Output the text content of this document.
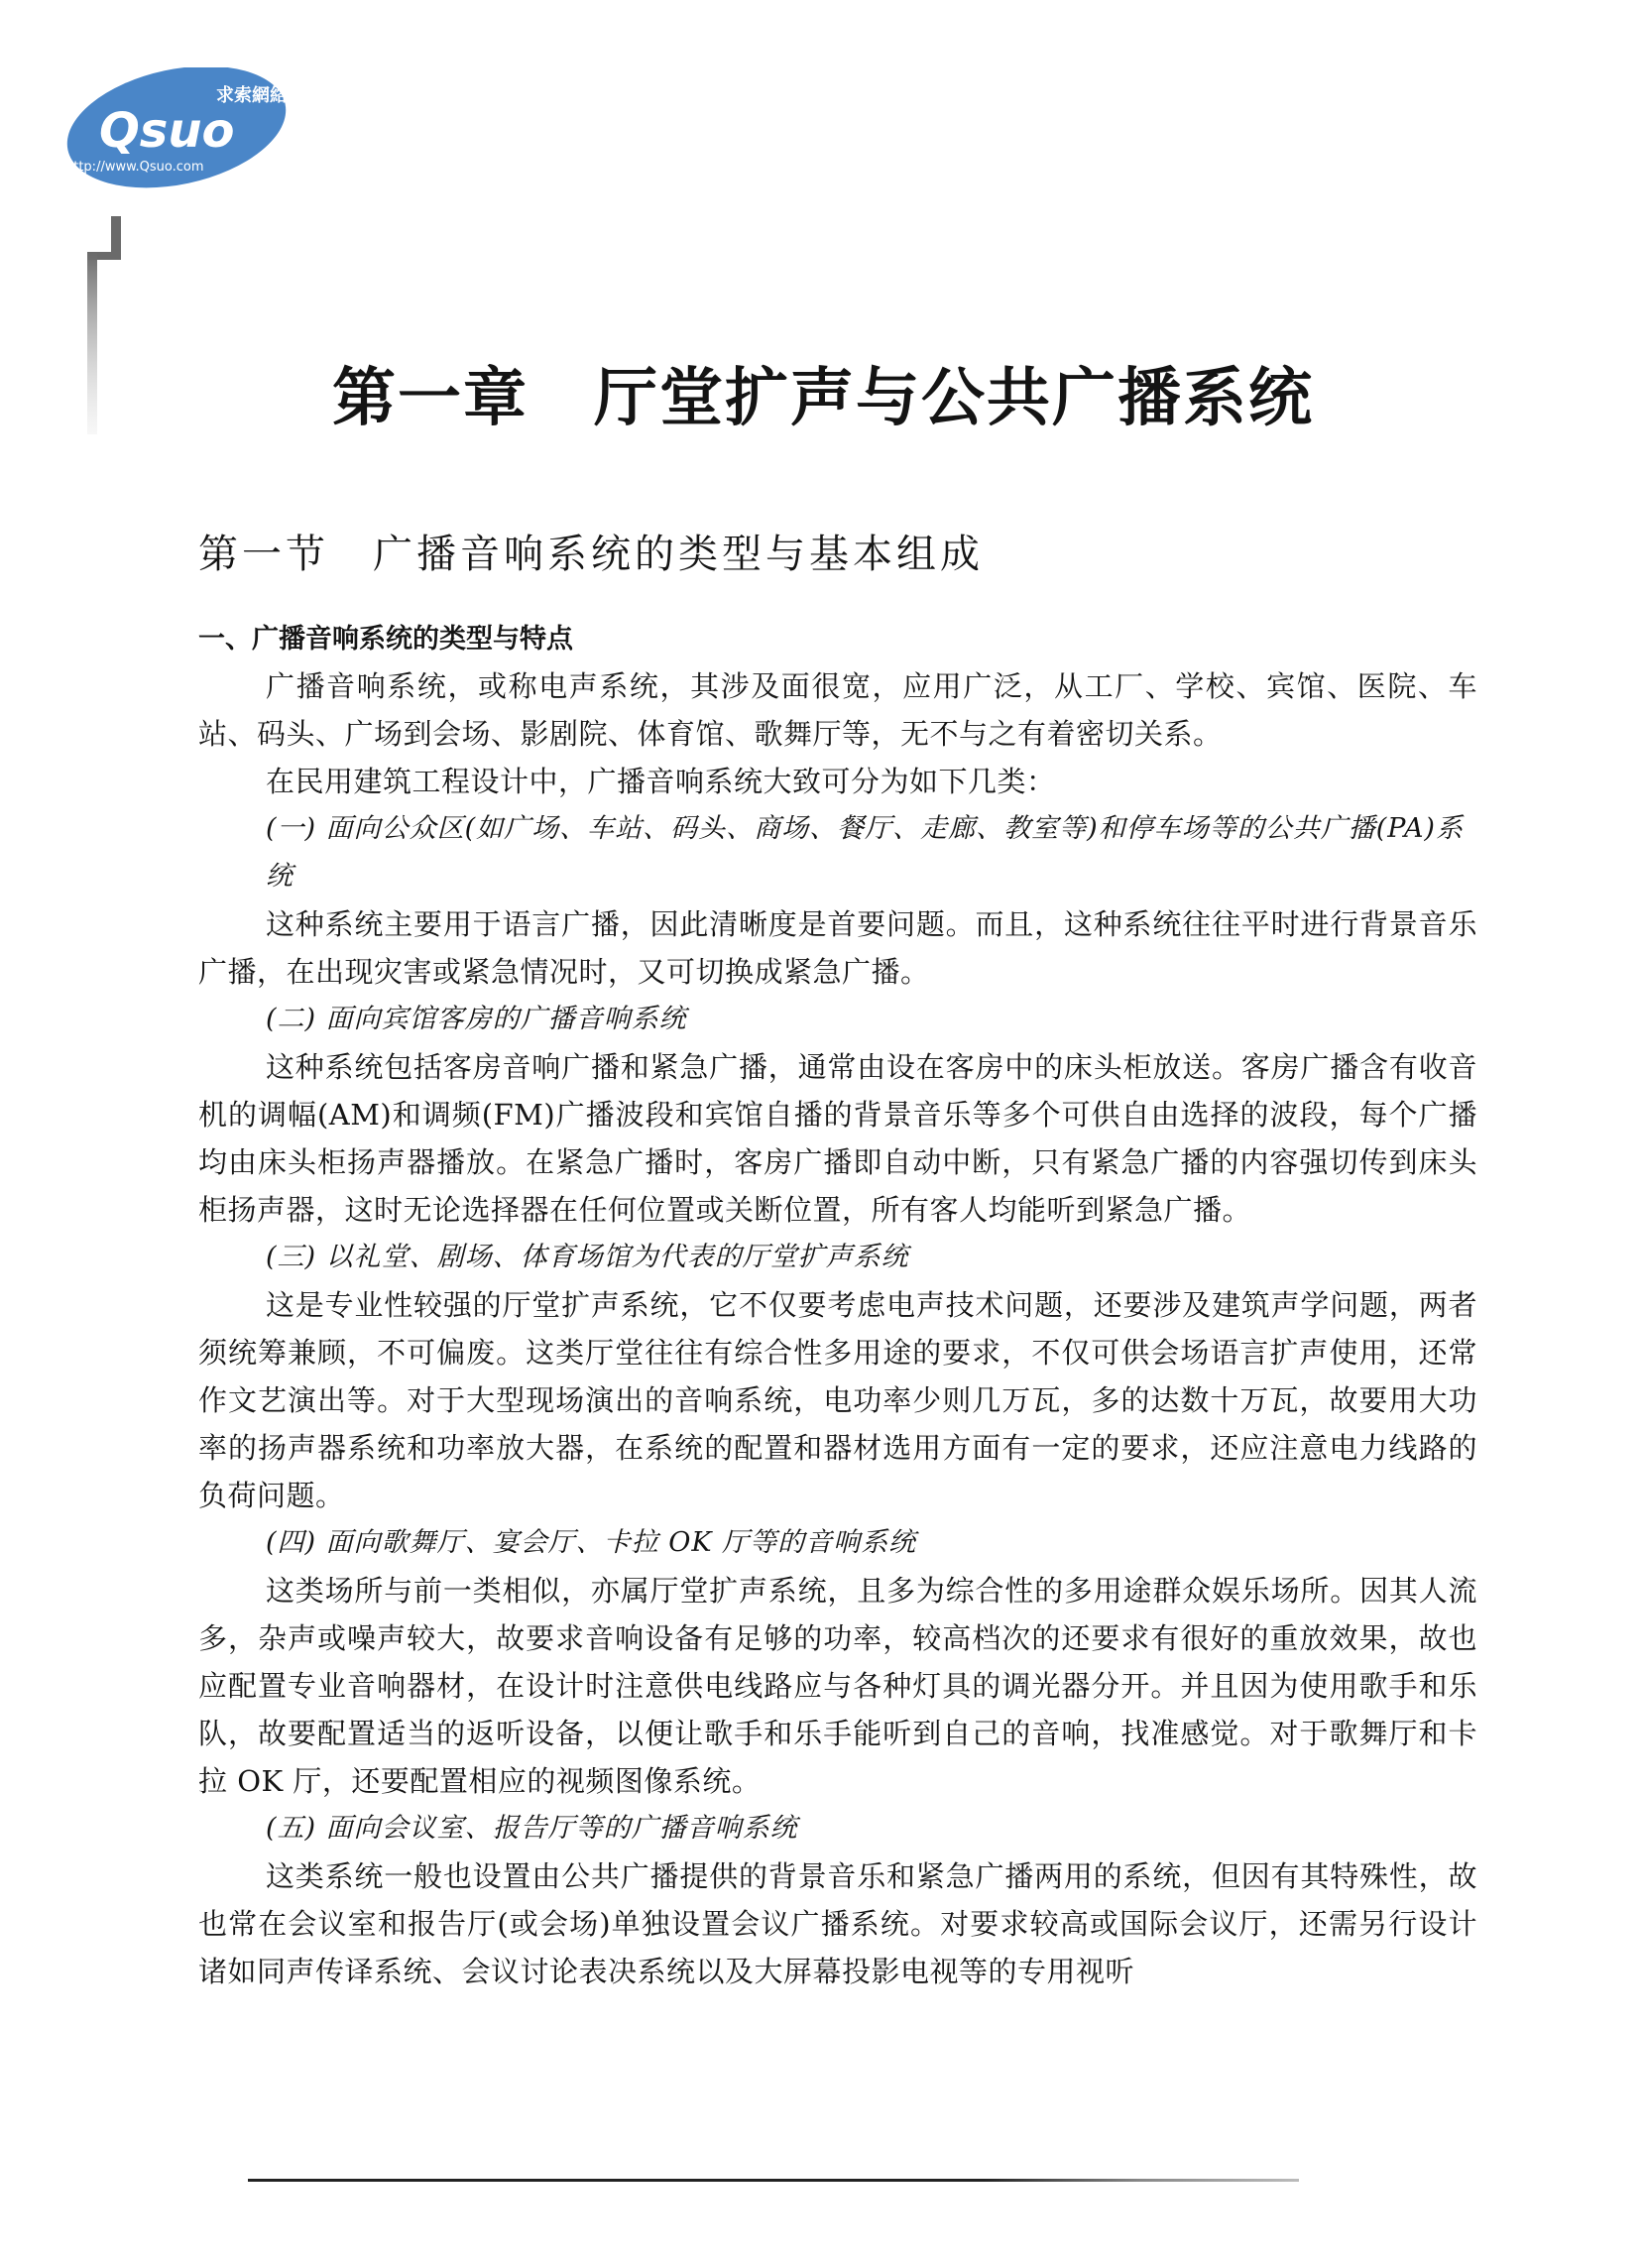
求索網絡
Qsuo
http://www.Qsuo.com
第一章　厅堂扩声与公共广播系统
第一节　广播音响系统的类型与基本组成
一、广播音响系统的类型与特点
广播音响系统，或称电声系统，其涉及面很宽，应用广泛，从工厂、学校、宾馆、医院、车站、码头、广场到会场、影剧院、体育馆、歌舞厅等，无不与之有着密切关系。
在民用建筑工程设计中，广播音响系统大致可分为如下几类：
(一) 面向公众区(如广场、车站、码头、商场、餐厅、走廊、教室等)和停车场等的公共广播(PA)系统
这种系统主要用于语言广播，因此清晰度是首要问题。而且，这种系统往往平时进行背景音乐广播，在出现灾害或紧急情况时，又可切换成紧急广播。
(二) 面向宾馆客房的广播音响系统
这种系统包括客房音响广播和紧急广播，通常由设在客房中的床头柜放送。客房广播含有收音机的调幅(AM)和调频(FM)广播波段和宾馆自播的背景音乐等多个可供自由选择的波段，每个广播均由床头柜扬声器播放。在紧急广播时，客房广播即自动中断，只有紧急广播的内容强切传到床头柜扬声器，这时无论选择器在任何位置或关断位置，所有客人均能听到紧急广播。
(三) 以礼堂、剧场、体育场馆为代表的厅堂扩声系统
这是专业性较强的厅堂扩声系统，它不仅要考虑电声技术问题，还要涉及建筑声学问题，两者须统筹兼顾，不可偏废。这类厅堂往往有综合性多用途的要求，不仅可供会场语言扩声使用，还常作文艺演出等。对于大型现场演出的音响系统，电功率少则几万瓦，多的达数十万瓦，故要用大功率的扬声器系统和功率放大器，在系统的配置和器材选用方面有一定的要求，还应注意电力线路的负荷问题。
(四) 面向歌舞厅、宴会厅、卡拉 OK 厅等的音响系统
这类场所与前一类相似，亦属厅堂扩声系统，且多为综合性的多用途群众娱乐场所。因其人流多，杂声或噪声较大，故要求音响设备有足够的功率，较高档次的还要求有很好的重放效果，故也应配置专业音响器材，在设计时注意供电线路应与各种灯具的调光器分开。并且因为使用歌手和乐队，故要配置适当的返听设备，以便让歌手和乐手能听到自己的音响，找准感觉。对于歌舞厅和卡拉 OK 厅，还要配置相应的视频图像系统。
(五) 面向会议室、报告厅等的广播音响系统
这类系统一般也设置由公共广播提供的背景音乐和紧急广播两用的系统，但因有其特殊性，故也常在会议室和报告厅(或会场)单独设置会议广播系统。对要求较高或国际会议厅，还需另行设计诸如同声传译系统、会议讨论表决系统以及大屏幕投影电视等的专用视听
